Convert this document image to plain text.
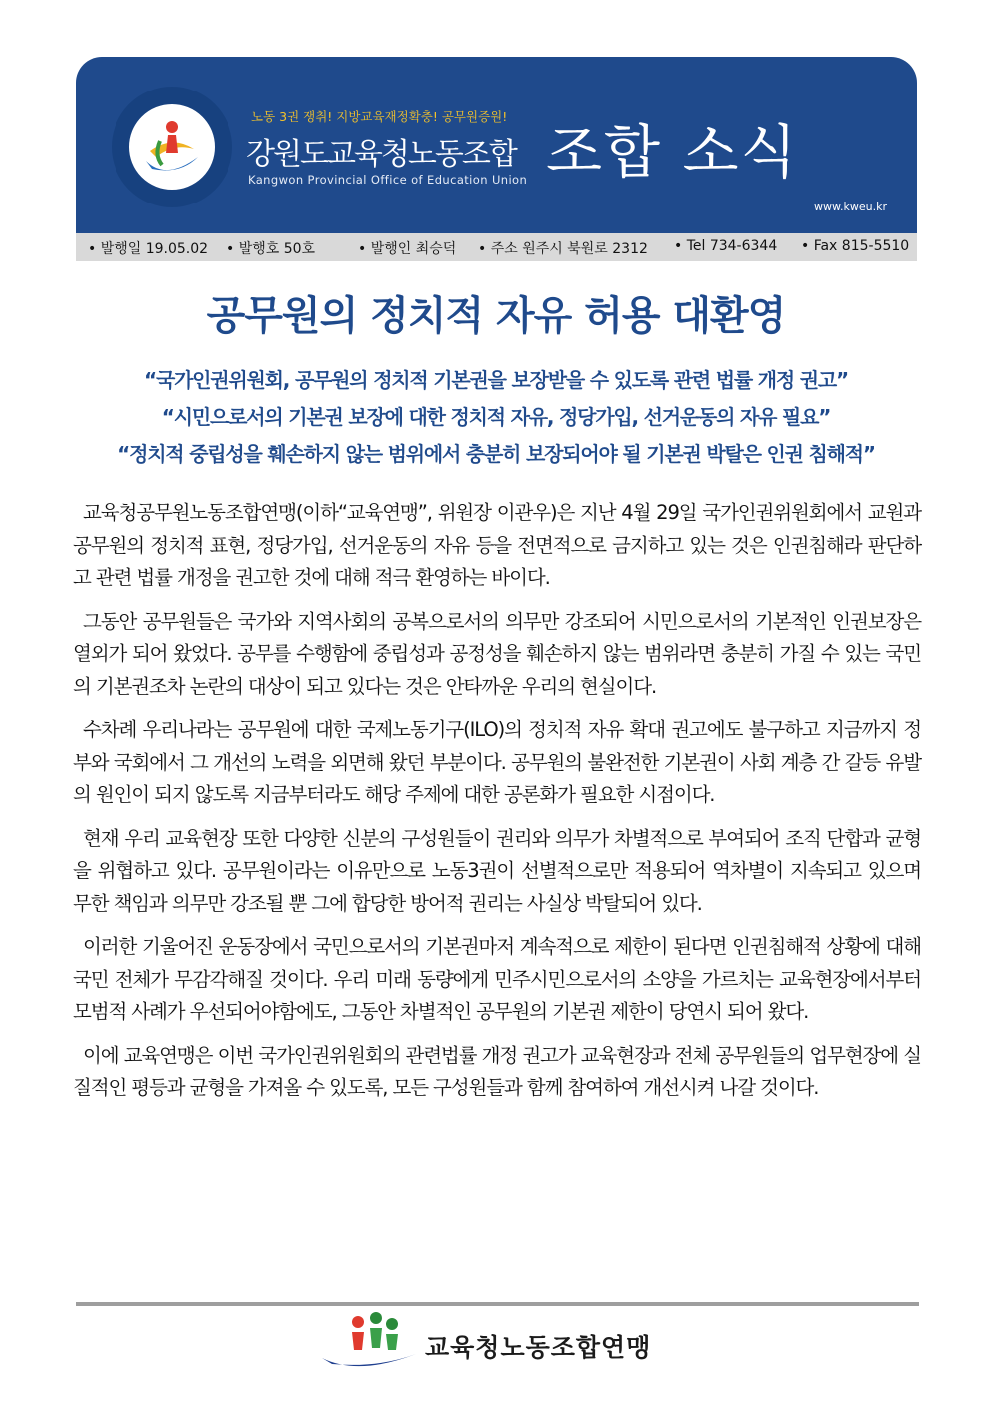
노동 3권 쟁취! 지방교육재정확충! 공무원증원!
강원도교육청노동조합
Kangwon Provincial Office of Education Union 조합 소식
www.kweu.kr
• 발행일 19.05.02 • 발행호 50호	• 발행인 최승덕 • 주소 원주시 북원로 2312 • Tel 734-6344 • Fax 815-5510
공무원의 정치적 자유 허용 대환영
“국가인권위원회, 공무원의 정치적 기본권을 보장받을 수 있도록 관련 법률 개정 권고”
“시민으로서의 기본권 보장에 대한 정치적 자유, 정당가입, 선거운동의 자유 필요”
“정치적 중립성을 훼손하지 않는 범위에서 충분히 보장되어야 될 기본권 박탈은 인권 침해적”

교육청공무원노동조합연맹(이하“교육연맹”, 위원장 이관우)은 지난 4월 29일 국가인권위원회에서 교원과 공무원의 정치적 표현, 정당가입, 선거운동의 자유 등을 전면적으로 금지하고 있는 것은 인권침해라 판단하고 관련 법률 개정을 권고한 것에 대해 적극 환영하는 바이다.

그동안 공무원들은 국가와 지역사회의 공복으로서의 의무만 강조되어 시민으로서의 기본적인 인권보장은 열외가 되어 왔었다. 공무를 수행함에 중립성과 공정성을 훼손하지 않는 범위라면 충분히 가질 수 있는 국민의 기본권조차 논란의 대상이 되고 있다는 것은 안타까운 우리의 현실이다.

수차례 우리나라는 공무원에 대한 국제노동기구(ILO)의 정치적 자유 확대 권고에도 불구하고 지금까지 정부와 국회에서 그 개선의 노력을 외면해 왔던 부분이다. 공무원의 불완전한 기본권이 사회 계층 간 갈등 유발의 원인이 되지 않도록 지금부터라도 해당 주제에 대한 공론화가 필요한 시점이다.

현재 우리 교육현장 또한 다양한 신분의 구성원들이 권리와 의무가 차별적으로 부여되어 조직 단합과 균형을 위협하고 있다. 공무원이라는 이유만으로 노동3권이 선별적으로만 적용되어 역차별이 지속되고 있으며 무한 책임과 의무만 강조될 뿐 그에 합당한 방어적 권리는 사실상 박탈되어 있다.

이러한 기울어진 운동장에서 국민으로서의 기본권마저 계속적으로 제한이 된다면 인권침해적 상황에 대해 국민 전체가 무감각해질 것이다. 우리 미래 동량에게 민주시민으로서의 소양을 가르치는 교육현장에서부터 모범적 사례가 우선되어야함에도, 그동안 차별적인 공무원의 기본권 제한이 당연시 되어 왔다.

이에 교육연맹은 이번 국가인권위원회의 관련법률 개정 권고가 교육현장과 전체 공무원들의 업무현장에 실질적인 평등과 균형을 가져올 수 있도록, 모든 구성원들과 함께 참여하여 개선시켜 나갈 것이다.

교육청노동조합연맹
